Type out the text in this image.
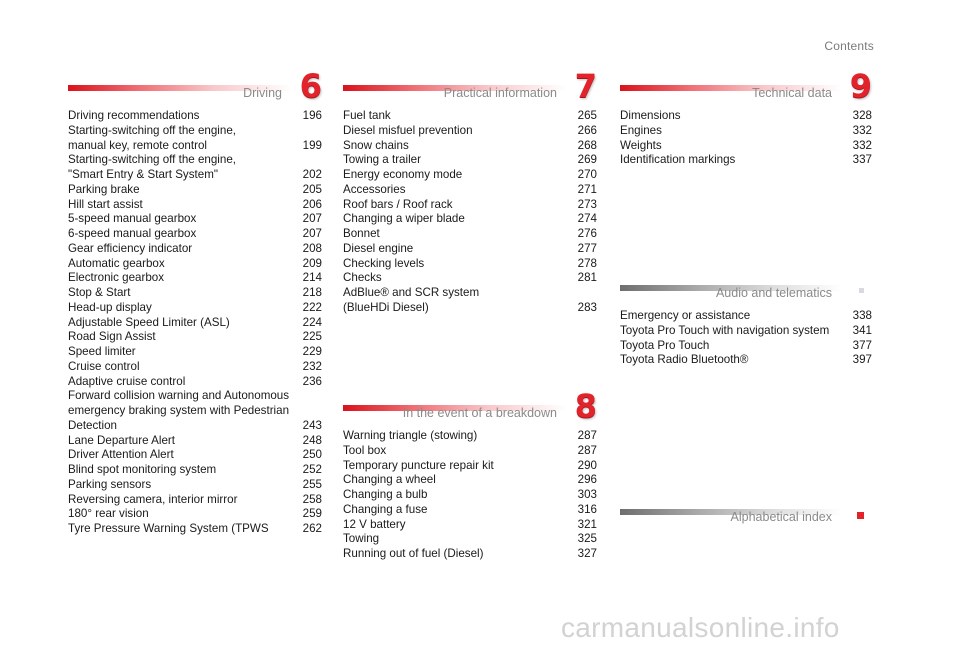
Contents
Driving 6
Driving recommendations	196
Starting-switching off the engine,
manual key, remote control	199
Starting-switching off the engine,
"Smart Entry & Start System"	202
Parking brake	205
Hill start assist	206
5-speed manual gearbox	207
6-speed manual gearbox	207
Gear efficiency indicator	208
Automatic gearbox	209
Electronic gearbox	214
Stop & Start	218
Head-up display	222
Adjustable Speed Limiter (ASL)	224
Road Sign Assist	225
Speed limiter	229
Cruise control	232
Adaptive cruise control	236
Forward collision warning and Autonomous
emergency braking system with Pedestrian
Detection	243
Lane Departure Alert	248
Driver Attention Alert	250
Blind spot monitoring system	252
Parking sensors	255
Reversing camera, interior mirror	258
180° rear vision	259
Tyre Pressure Warning System (TPWS	262
Practical information 7
Fuel tank	265
Diesel misfuel prevention	266
Snow chains	268
Towing a trailer	269
Energy economy mode	270
Accessories	271
Roof bars / Roof rack	273
Changing a wiper blade	274
Bonnet	276
Diesel engine	277
Checking levels	278
Checks	281
AdBlue® and SCR system
(BlueHDi Diesel)	283
In the event of a breakdown 8
Warning triangle (stowing)	287
Tool box	287
Temporary puncture repair kit	290
Changing a wheel	296
Changing a bulb	303
Changing a fuse	316
12 V battery	321
Towing	325
Running out of fuel (Diesel)	327
Technical data 9
Dimensions	328
Engines	332
Weights	332
Identification markings	337
Audio and telematics
Emergency or assistance	338
Toyota Pro Touch with navigation system	341
Toyota Pro Touch	377
Toyota Radio Bluetooth®	397
Alphabetical index
carmanualsonline.info
